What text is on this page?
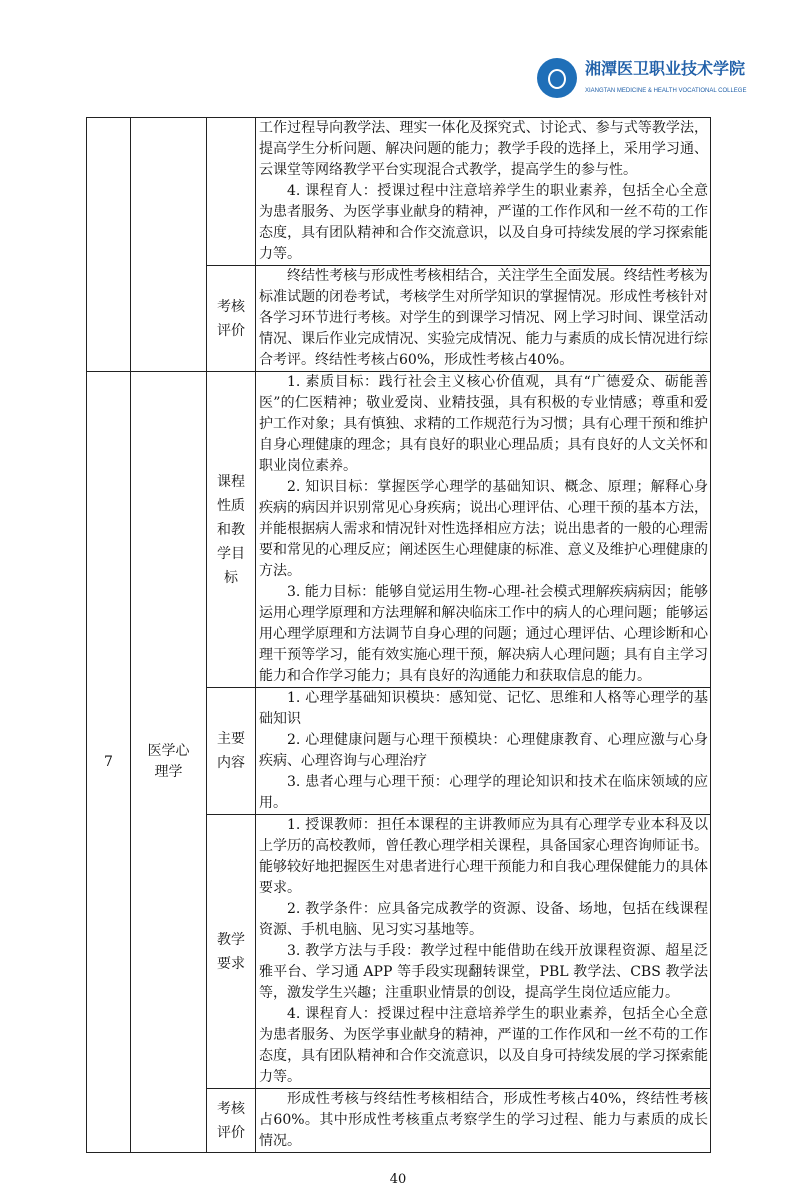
湘潭医卫职业技术学院
XIANGTAN MEDICINE & HEALTH VOCATIONAL COLLEGE

			工作过程导向教学法、理实一体化及探究式、讨论式、参与式等教学法，提高学生分析问题、解决问题的能力；教学手段的选择上，采用学习通、云课堂等网络教学平台实现混合式教学，提高学生的参与性。

4. 课程育人：授课过程中注意培养学生的职业素养，包括全心全意为患者服务、为医学事业献身的精神，严谨的工作作风和一丝不苟的工作态度，具有团队精神和合作交流意识，以及自身可持续发展的学习探索能力等。

		考核评价	终结性考核与形成性考核相结合，关注学生全面发展。终结性考核为标准试题的闭卷考试，考核学生对所学知识的掌握情况。形成性考核针对各学习环节进行考核。对学生的到课学习情况、网上学习时间、课堂活动情况、课后作业完成情况、实验完成情况、能力与素质的成长情况进行综合考评。终结性考核占60%，形成性考核占40%。

7	医学心理学	课程性质和教学目标	1. 素质目标：践行社会主义核心价值观，具有“广德爱众、砺能善医”的仁医精神；敬业爱岗、业精技强，具有积极的专业情感；尊重和爱护工作对象；具有慎独、求精的工作规范行为习惯；具有心理干预和维护自身心理健康的理念；具有良好的职业心理品质；具有良好的人文关怀和职业岗位素养。

2. 知识目标：掌握医学心理学的基础知识、概念、原理；解释心身疾病的病因并识别常见心身疾病；说出心理评估、心理干预的基本方法，并能根据病人需求和情况针对性选择相应方法；说出患者的一般的心理需要和常见的心理反应；阐述医生心理健康的标准、意义及维护心理健康的方法。

3. 能力目标：能够自觉运用生物-心理-社会模式理解疾病病因；能够运用心理学原理和方法理解和解决临床工作中的病人的心理问题；能够运用心理学原理和方法调节自身心理的问题；通过心理评估、心理诊断和心理干预等学习，能有效实施心理干预，解决病人心理问题；具有自主学习能力和合作学习能力；具有良好的沟通能力和获取信息的能力。

		主要内容	1. 心理学基础知识模块：感知觉、记忆、思维和人格等心理学的基础知识

2. 心理健康问题与心理干预模块：心理健康教育、心理应激与心身疾病、心理咨询与心理治疗

3. 患者心理与心理干预：心理学的理论知识和技术在临床领域的应用。

		教学要求	1. 授课教师：担任本课程的主讲教师应为具有心理学专业本科及以上学历的高校教师，曾任教心理学相关课程，具备国家心理咨询师证书。能够较好地把握医生对患者进行心理干预能力和自我心理保健能力的具体要求。

2. 教学条件：应具备完成教学的资源、设备、场地，包括在线课程资源、手机电脑、见习实习基地等。

3. 教学方法与手段：教学过程中能借助在线开放课程资源、超星泛雅平台、学习通 APP 等手段实现翻转课堂，PBL 教学法、CBS 教学法等，激发学生兴趣；注重职业情景的创设，提高学生岗位适应能力。

4. 课程育人：授课过程中注意培养学生的职业素养，包括全心全意为患者服务、为医学事业献身的精神，严谨的工作作风和一丝不苟的工作态度，具有团队精神和合作交流意识，以及自身可持续发展的学习探索能力等。

		考核评价	形成性考核与终结性考核相结合，形成性考核占40%，终结性考核占60%。其中形成性考核重点考察学生的学习过程、能力与素质的成长情况。

40
